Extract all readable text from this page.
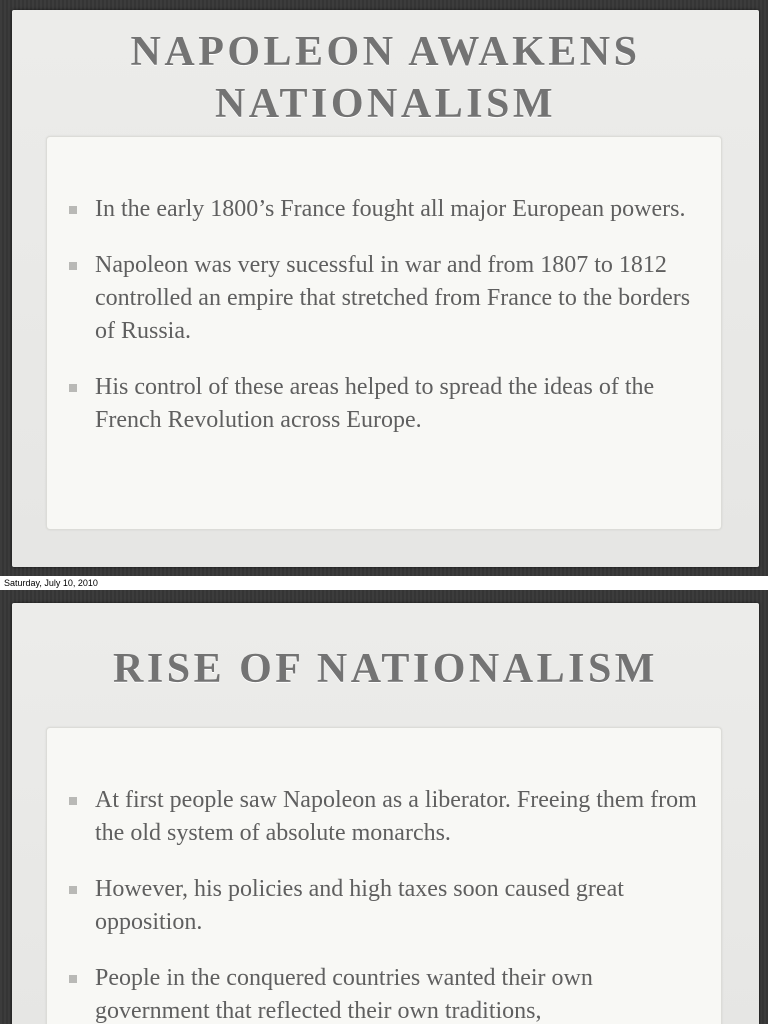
NAPOLEON AWAKENS
NATIONALISM
In the early 1800’s France fought all major European powers.
Napoleon was very sucessful in war and from 1807 to 1812 controlled an empire that stretched from France to the borders of Russia.
His control of these areas helped to spread the ideas of the French Revolution across Europe.
Saturday, July 10, 2010
RISE OF NATIONALISM
At first people saw Napoleon as a liberator. Freeing them from the old system of absolute monarchs.
However, his policies and high taxes soon caused great opposition.
People in the conquered countries wanted their own government that reflected their own traditions,
